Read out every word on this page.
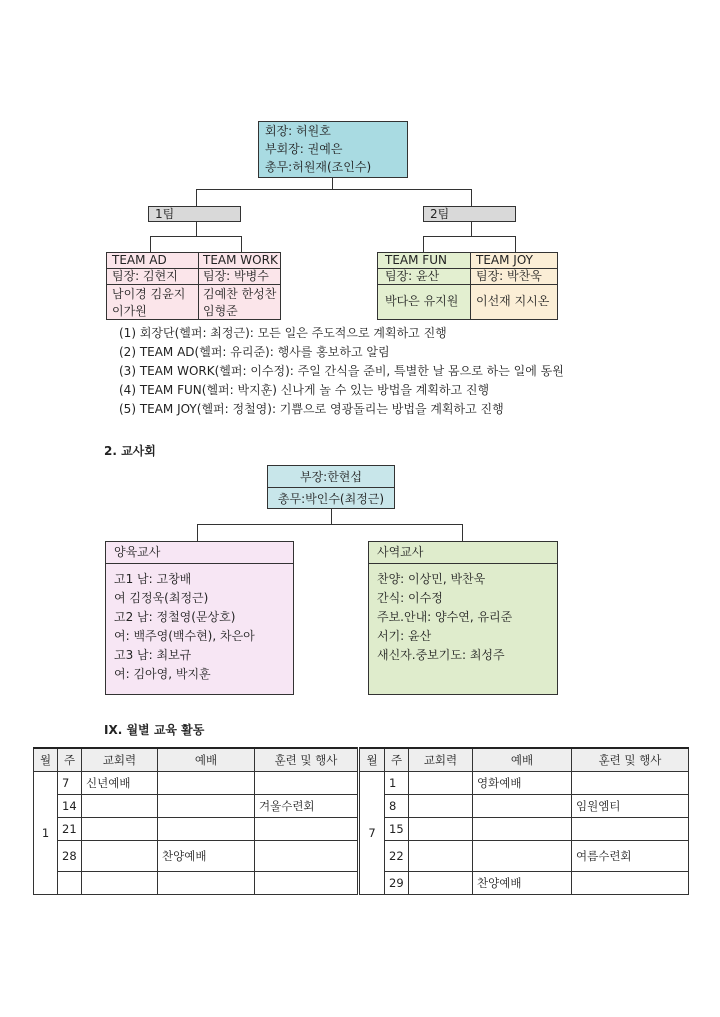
회장: 허원호
부회장: 권예은
총무:허원재(조인수)
1팀	2팀
TEAM AD
팀장: 김현지
남이경 김윤지
이가원
TEAM WORK
팀장: 박병수
김예찬 한성찬
임형준
TEAM FUN
팀장: 윤산
박다은 유지원
TEAM JOY
팀장: 박찬욱
이선재 지시온
(1) 회장단(헬퍼: 최정근): 모든 일은 주도적으로 계획하고 진행
(2) TEAM AD(헬퍼: 유리준): 행사를 홍보하고 알림
(3) TEAM WORK(헬퍼: 이수정): 주일 간식을 준비, 특별한 날 몸으로 하는 일에 동원
(4) TEAM FUN(헬퍼: 박지훈) 신나게 놀 수 있는 방법을 계획하고 진행
(5) TEAM JOY(헬퍼: 정철영): 기쁨으로 영광돌리는 방법을 계획하고 진행
2. 교사회
부장:한현섭
총무:박인수(최정근)
양육교사
고1 남: 고창배
여 김정욱(최정근)
고2 남: 정철영(문상호)
여: 백주영(백수현), 차은아
고3 남: 최보규
여: 김아영, 박지훈
사역교사
찬양: 이상민, 박찬욱
간식: 이수정
주보.안내: 양수연, 유리준
서기: 윤산
새신자.중보기도: 최성주
IX. 월별 교육 활동
월	주	교회력	예배	훈련 및 행사	월	주	교회력	예배	훈련 및 행사
1	7	신년예배			7	1		영화예배	
	14			겨울수련회		8			임원엠티
	21					15			
	28		찬양예배			22			여름수련회
						29		찬양예배	
